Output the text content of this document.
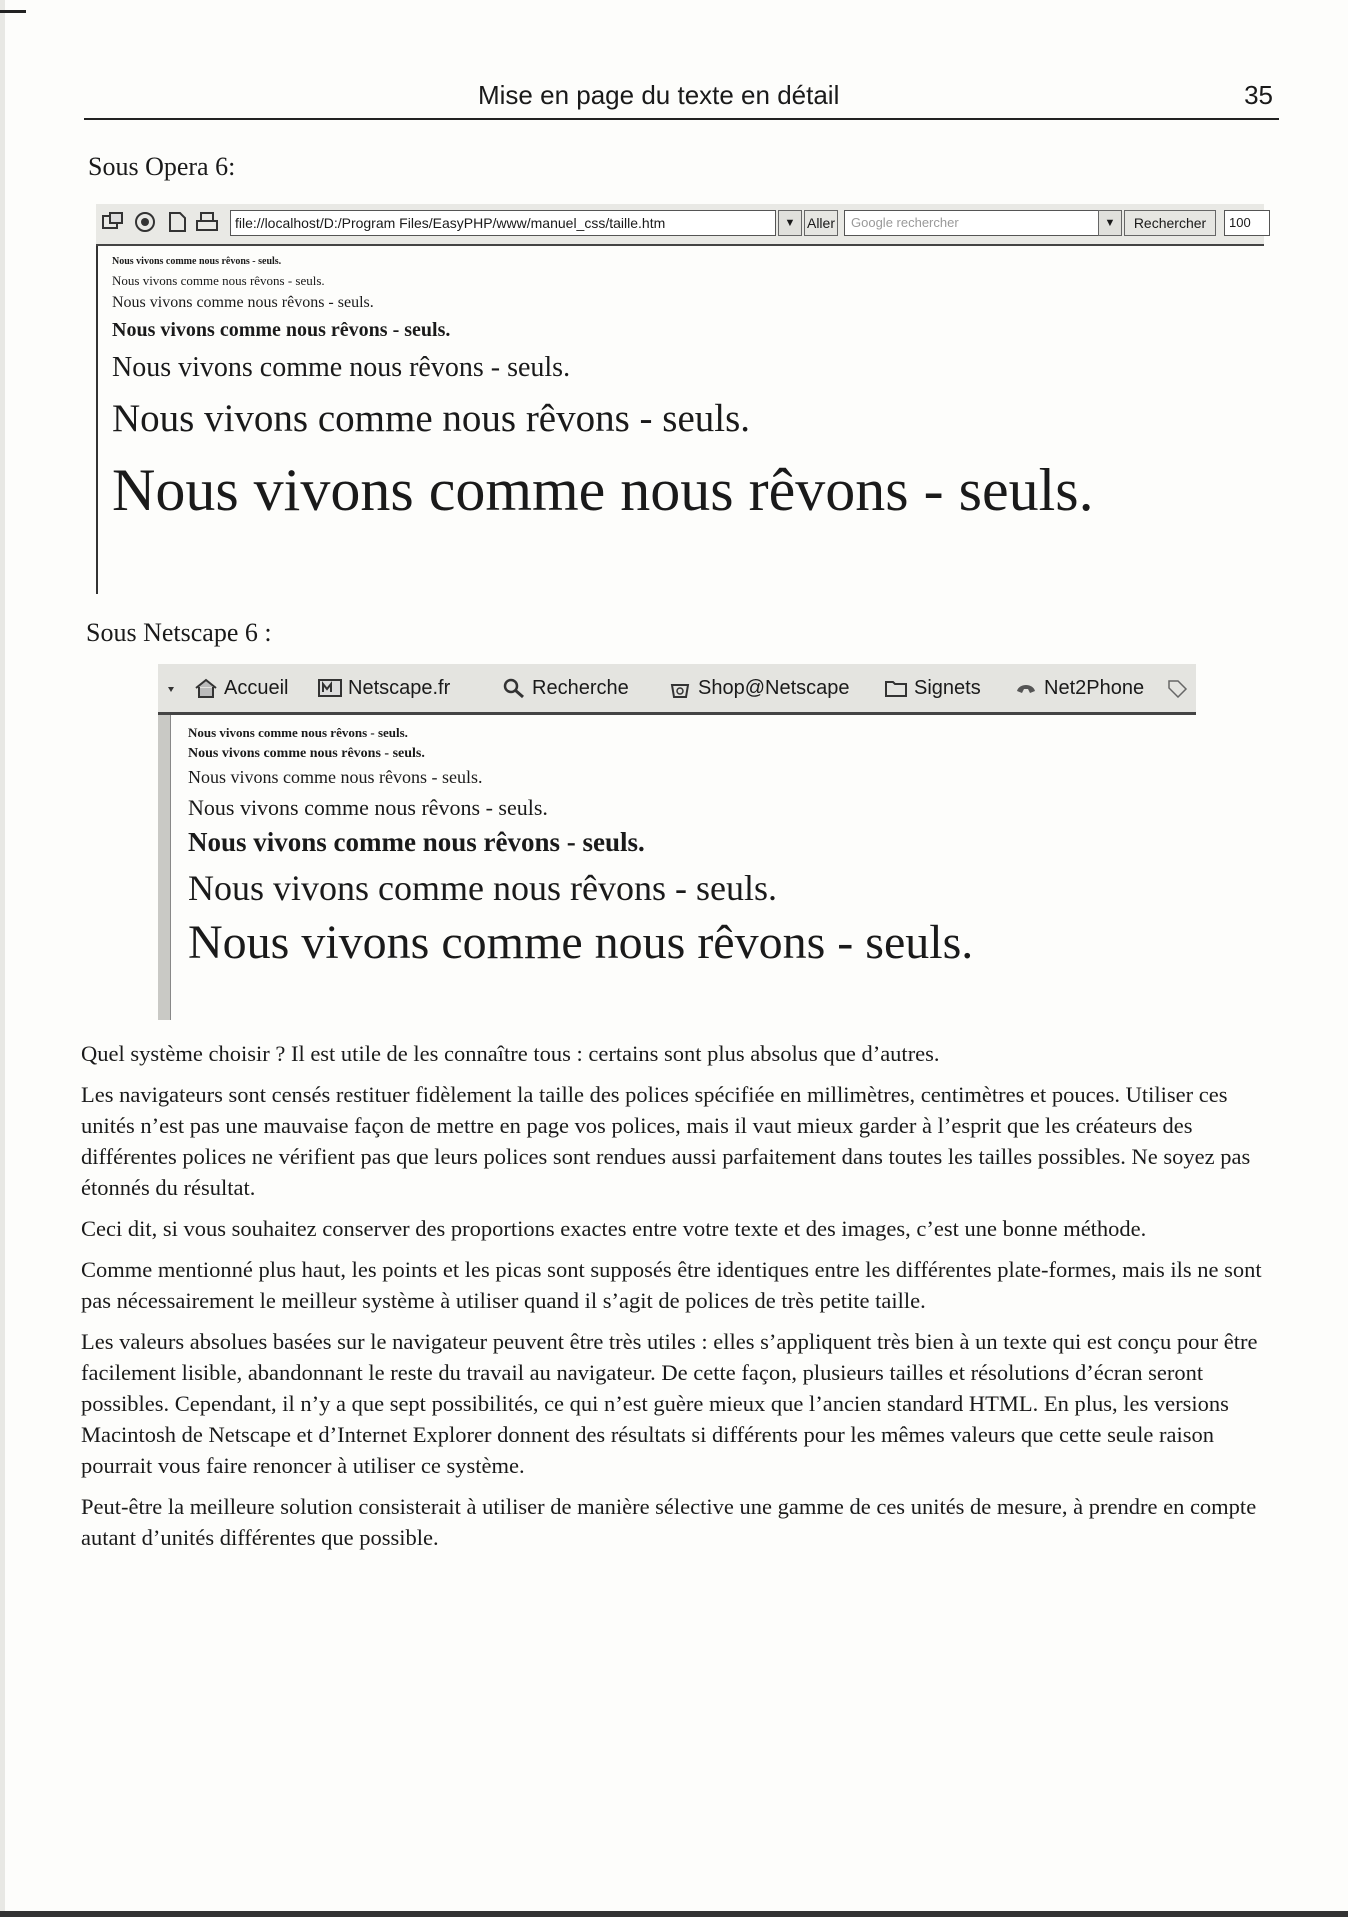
Mise en page du texte en détail	35
Sous Opera 6:
file://localhost/D:/Program Files/EasyPHP/www/manuel_css/taille.htm	▼ Aller	Google rechercher	▼	Rechercher	100
Nous vivons comme nous rêvons - seuls.
Nous vivons comme nous rêvons - seuls.
Nous vivons comme nous rêvons - seuls.
Nous vivons comme nous rêvons - seuls.
Nous vivons comme nous rêvons - seuls.
Nous vivons comme nous rêvons - seuls.
Nous vivons comme nous rêvons - seuls.
Sous Netscape 6 :
Accueil	Netscape.fr	Recherche	Shop@Netscape	Signets	Net2Phone
Nous vivons comme nous rêvons - seuls.
Nous vivons comme nous rêvons - seuls.
Nous vivons comme nous rêvons - seuls.
Nous vivons comme nous rêvons - seuls.
Nous vivons comme nous rêvons - seuls.
Nous vivons comme nous rêvons - seuls.
Nous vivons comme nous rêvons - seuls.

Quel système choisir ? Il est utile de les connaître tous : certains sont plus absolus que d’autres.

Les navigateurs sont censés restituer fidèlement la taille des polices spécifiée en millimètres, centimètres et pouces. Utiliser ces unités n’est pas une mauvaise façon de mettre en page vos polices, mais il vaut mieux garder à l’esprit que les créateurs des différentes polices ne vérifient pas que leurs polices sont rendues aussi parfaitement dans toutes les tailles possibles. Ne soyez pas étonnés du résultat.

Ceci dit, si vous souhaitez conserver des proportions exactes entre votre texte et des images, c’est une bonne méthode.

Comme mentionné plus haut, les points et les picas sont supposés être identiques entre les différentes plate-formes, mais ils ne sont pas nécessairement le meilleur système à utiliser quand il s’agit de polices de très petite taille.

Les valeurs absolues basées sur le navigateur peuvent être très utiles : elles s’appliquent très bien à un texte qui est conçu pour être facilement lisible, abandonnant le reste du travail au navigateur. De cette façon, plusieurs tailles et résolutions d’écran seront possibles. Cependant, il n’y a que sept possibilités, ce qui n’est guère mieux que l’ancien standard HTML. En plus, les versions Macintosh de Netscape et d’Internet Explorer donnent des résultats si différents pour les mêmes valeurs que cette seule raison pourrait vous faire renoncer à utiliser ce système.

Peut-être la meilleure solution consisterait à utiliser de manière sélective une gamme de ces unités de mesure, à prendre en compte autant d’unités différentes que possible.
